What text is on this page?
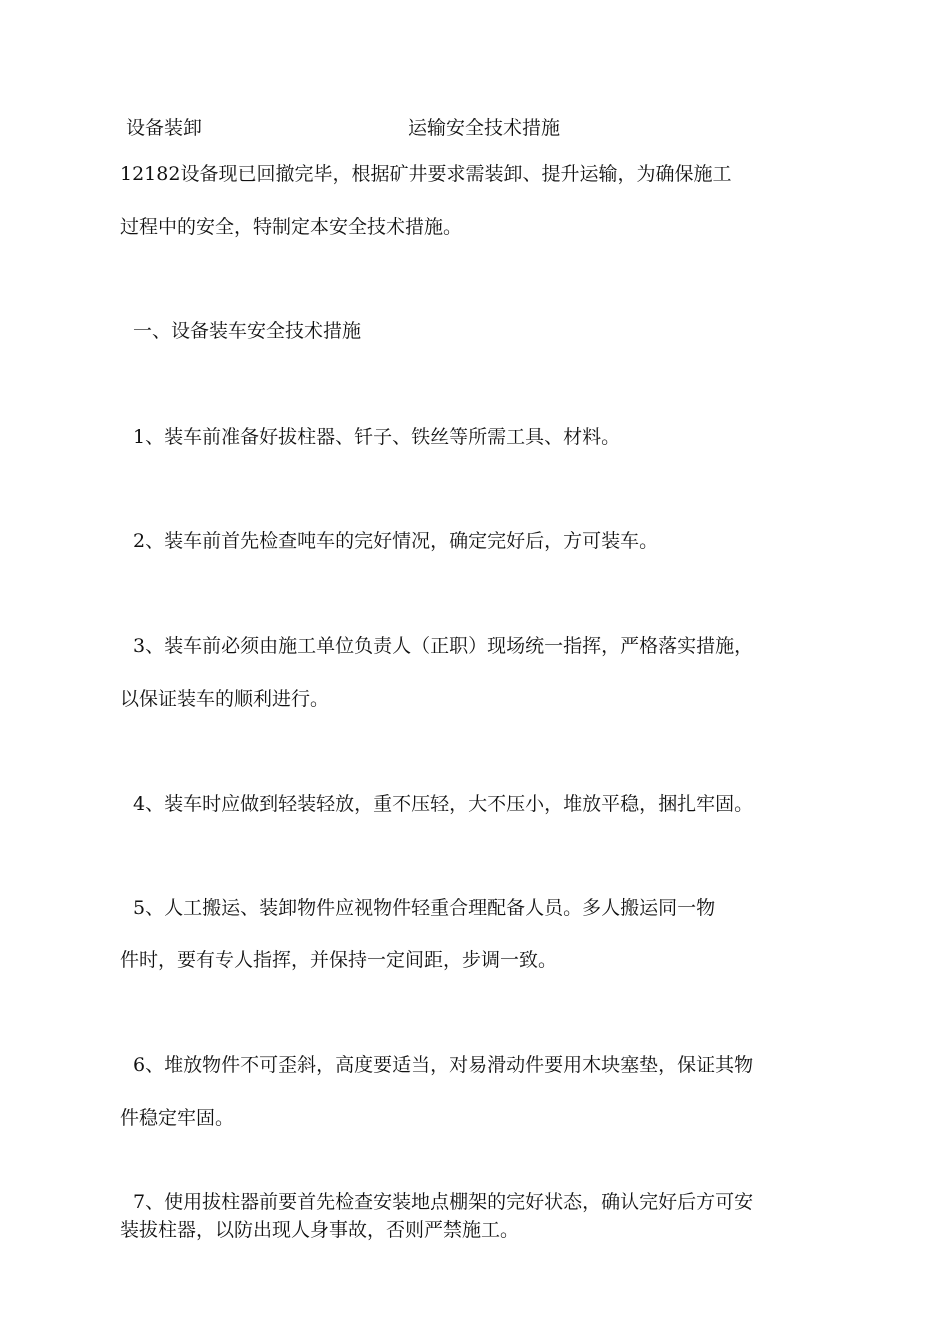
设备装卸	运输安全技术措施

12182设备现已回撤完毕，根据矿井要求需装卸、提升运输，为确保施工

过程中的安全，特制定本安全技术措施。

一、设备装车安全技术措施

1、装车前准备好拔柱器、钎子、铁丝等所需工具、材料。

2、装车前首先检查吨车的完好情况，确定完好后，方可装车。

3、装车前必须由施工单位负责人（正职）现场统一指挥，严格落实措施，

以保证装车的顺利进行。

4、装车时应做到轻装轻放，重不压轻，大不压小，堆放平稳，捆扎牢固。

5、人工搬运、装卸物件应视物件轻重合理配备人员。多人搬运同一物

件时，要有专人指挥，并保持一定间距，步调一致。

6、堆放物件不可歪斜，高度要适当，对易滑动件要用木块塞垫，保证其物

件稳定牢固。

7、使用拔柱器前要首先检查安装地点棚架的完好状态，确认完好后方可安

装拔柱器，以防出现人身事故，否则严禁施工。
